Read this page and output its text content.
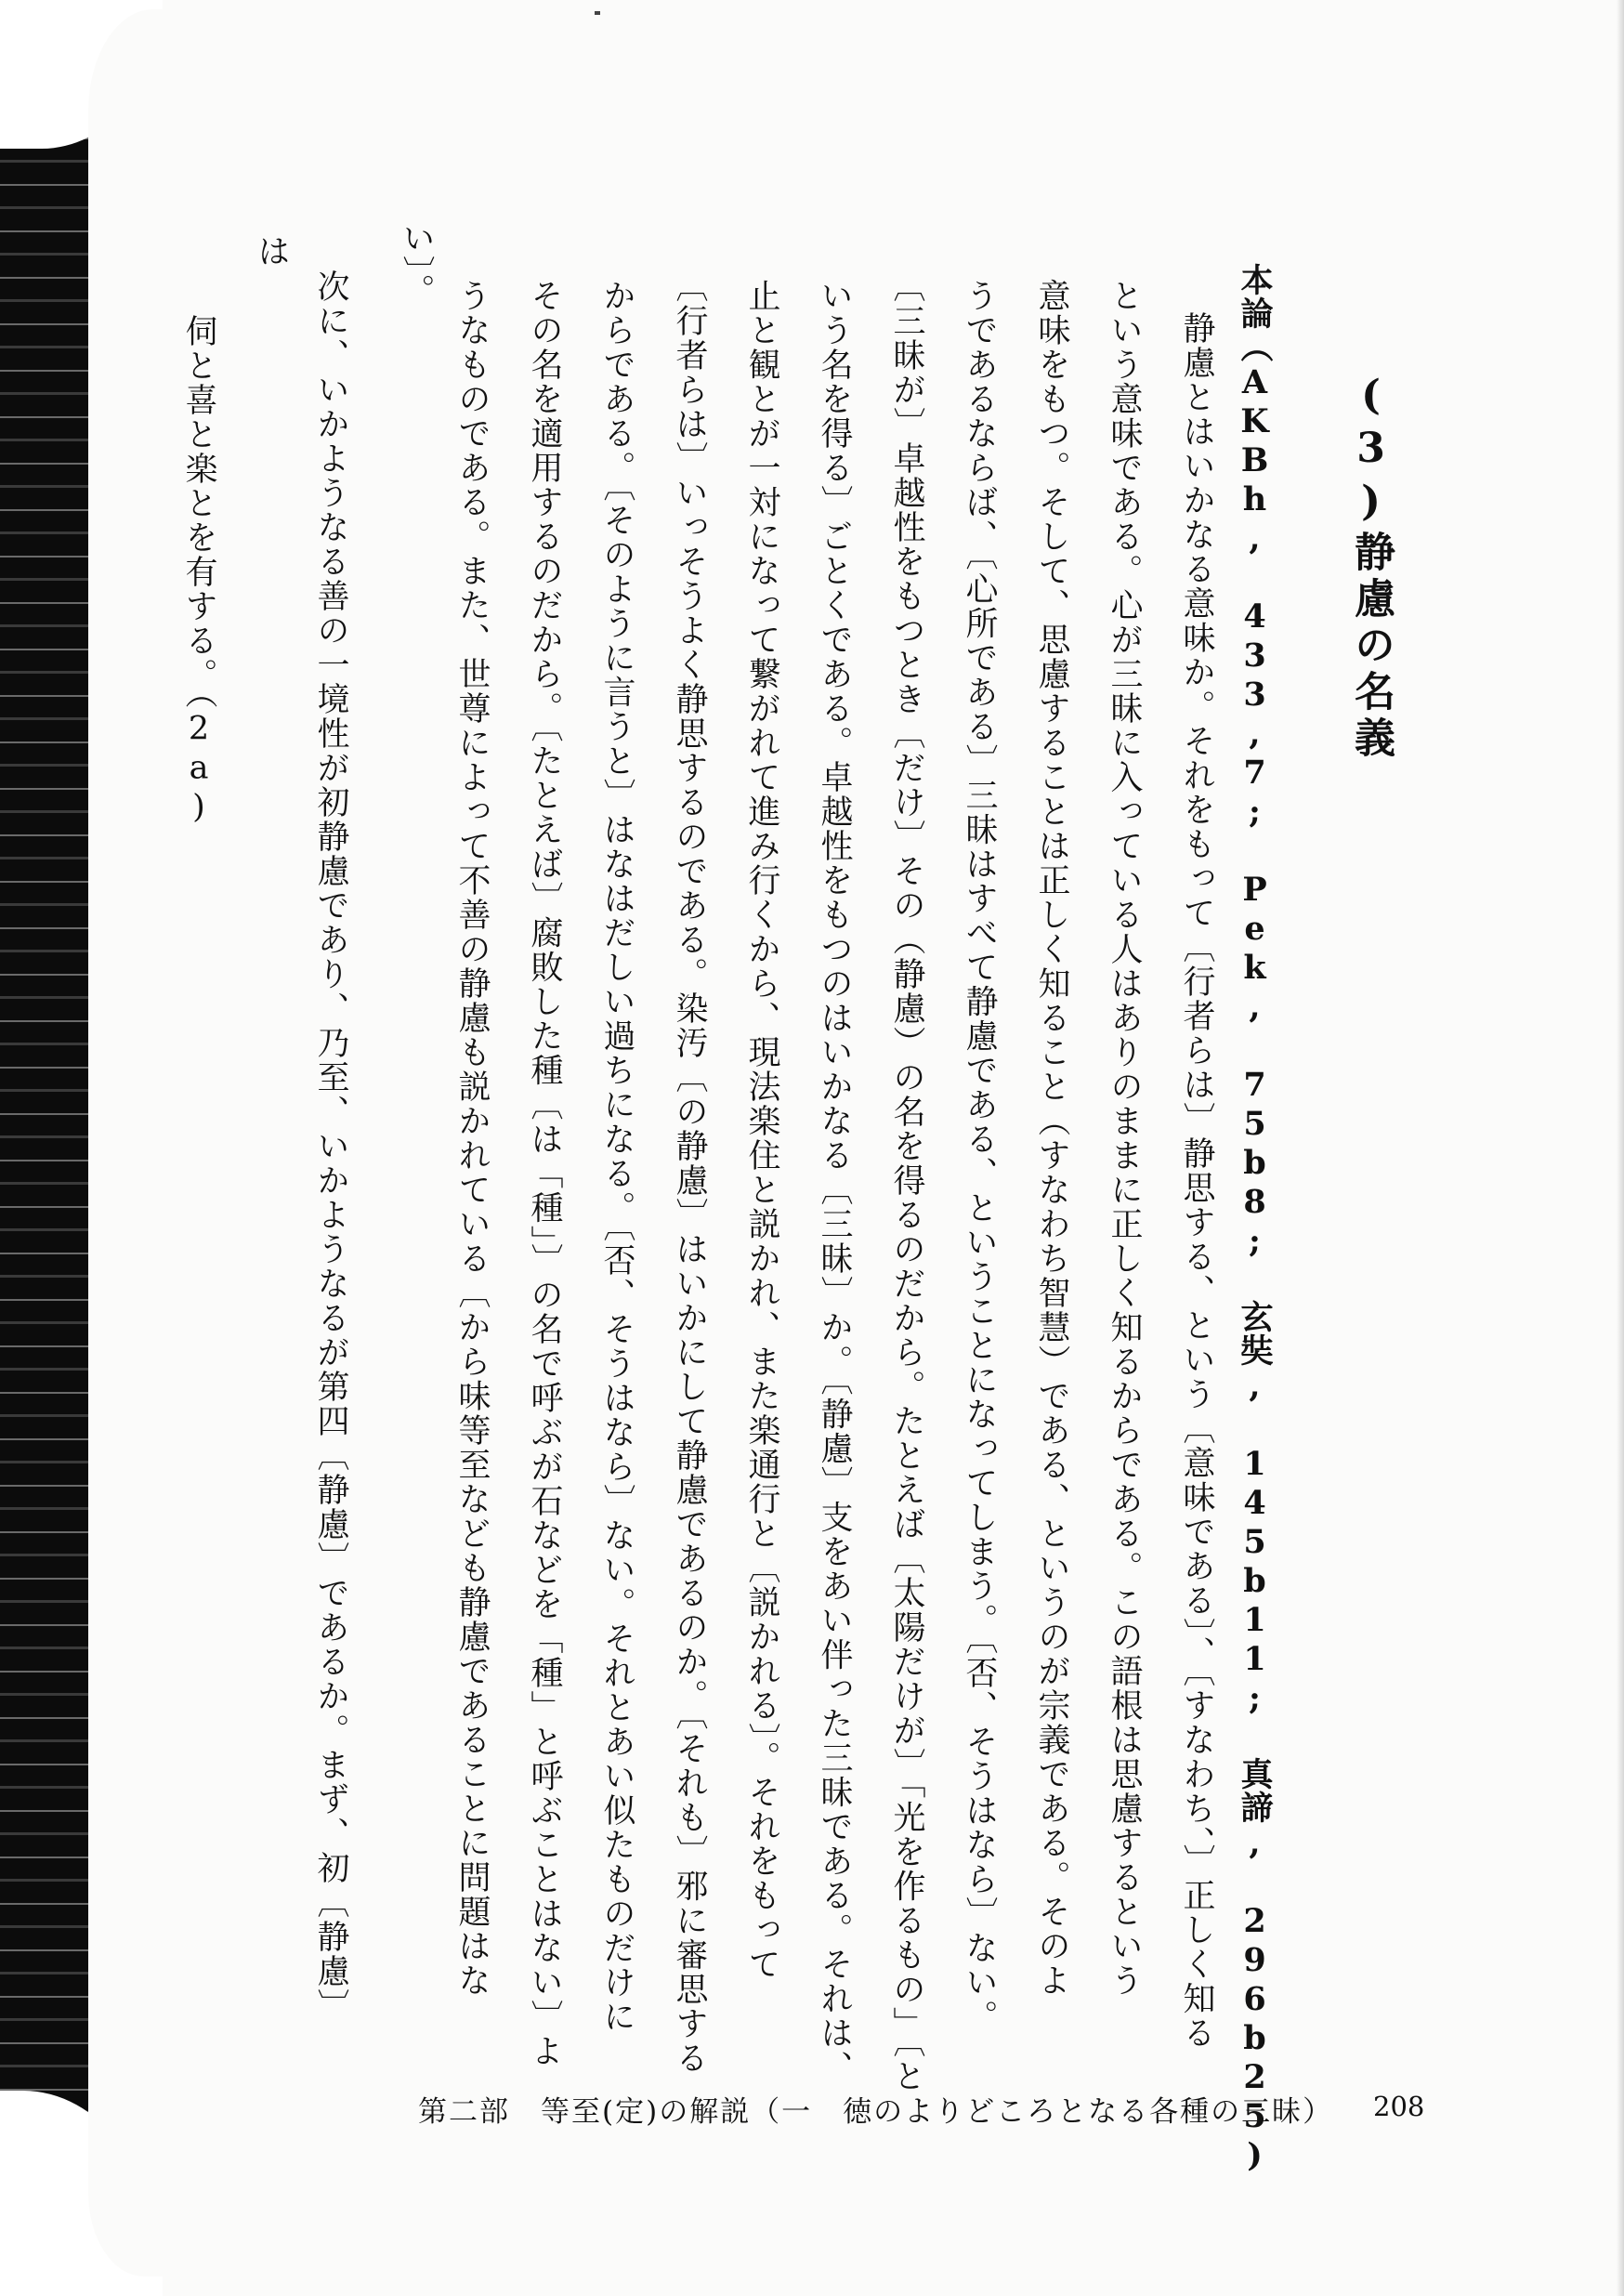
(3)静慮の名義
本論（AKBh, 433,7; Pek, 75b8; 玄奘, 145b11; 真諦, 296b25)
静慮とはいかなる意味か。それをもって〔行者らは〕静思する、という〔意味である〕、〔すなわち、〕正しく知る
という意味である。心が三昧に入っている人はありのままに正しく知るからである。この語根は思慮するという
意味をもつ。そして、思慮することは正しく知ること（すなわち智慧）である、というのが宗義である。そのよ
うであるならば、〔心所である〕三昧はすべて静慮である、ということになってしまう。〔否、そうはなら〕ない。
〔三昧が〕卓越性をもつとき〔だけ〕その（静慮）の名を得るのだから。たとえば〔太陽だけが〕「光を作るもの」〔と
いう名を得る〕ごとくである。卓越性をもつのはいかなる〔三昧〕か。〔静慮〕支をあい伴った三昧である。それは、
止と観とが一対になって繋がれて進み行くから、現法楽住と説かれ、また楽通行と〔説かれる〕。それをもって
〔行者らは〕いっそうよく静思するのである。染汚〔の静慮〕はいかにして静慮であるのか。〔それも〕邪に審思する
からである。〔そのように言うと〕はなはだしい過ちになる。〔否、そうはなら〕ない。それとあい似たものだけに
その名を適用するのだから。〔たとえば〕腐敗した種〔は「種」〕の名で呼ぶが石などを「種」と呼ぶことはない〕よ
うなものである。また、世尊によって不善の静慮も説かれている〔から味等至なども静慮であることに問題はな
い〕。
次に、いかようなる善の一境性が初静慮であり、乃至、いかようなるが第四〔静慮〕であるか。まず、初〔静慮〕
は
伺と喜と楽とを有する。（2a)
第二部　等至(定)の解説（一　徳のよりどころとなる各種の三昧） 208
